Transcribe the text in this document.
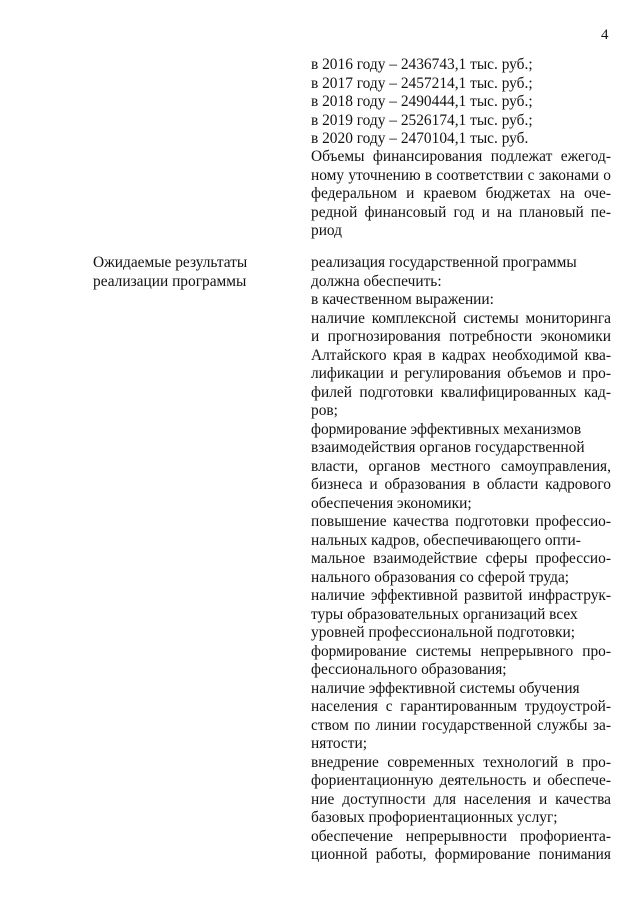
4
в 2016 году – 2436743,1 тыс. руб.;
в 2017 году – 2457214,1 тыс. руб.;
в 2018 году – 2490444,1 тыс. руб.;
в 2019 году – 2526174,1 тыс. руб.;
в 2020 году – 2470104,1 тыс. руб.
Объемы финансирования подлежат ежегод-
ному уточнению в соответствии с законами о
федеральном и краевом бюджетах на оче-
редной финансовый год и на плановый пе-
риод
Ожидаемые результаты
реализации программы
реализация государственной программы
должна обеспечить:
в качественном выражении:
наличие комплексной системы мониторинга
и прогнозирования потребности экономики
Алтайского края в кадрах необходимой ква-
лификации и регулирования объемов и про-
филей подготовки квалифицированных кад-
ров;
формирование эффективных механизмов
взаимодействия органов государственной
власти, органов местного самоуправления,
бизнеса и образования в области кадрового
обеспечения экономики;
повышение качества подготовки профессио-
нальных кадров, обеспечивающего опти-
мальное взаимодействие сферы профессио-
нального образования со сферой труда;
наличие эффективной развитой инфраструк-
туры образовательных организаций всех
уровней профессиональной подготовки;
формирование системы непрерывного про-
фессионального образования;
наличие эффективной системы обучения
населения с гарантированным трудоустрой-
ством по линии государственной службы за-
нятости;
внедрение современных технологий в про-
фориентационную деятельность и обеспече-
ние доступности для населения и качества
базовых профориентационных услуг;
обеспечение непрерывности профориента-
ционной работы, формирование понимания
